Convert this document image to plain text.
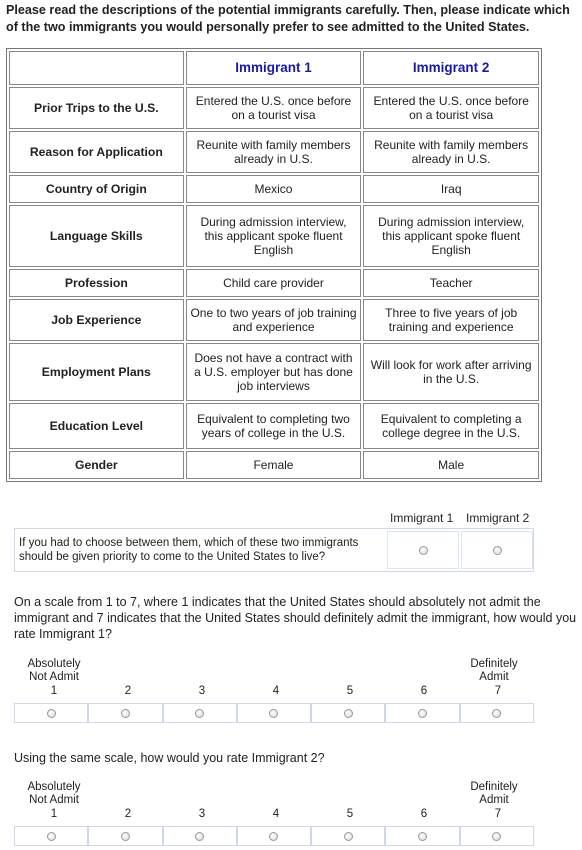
Please read the descriptions of the potential immigrants carefully. Then, please indicate which of the two immigrants you would personally prefer to see admitted to the United States.
	Immigrant 1	Immigrant 2
Prior Trips to the U.S.	Entered the U.S. once before on a tourist visa	Entered the U.S. once before on a tourist visa
Reason for Application	Reunite with family members already in U.S.	Reunite with family members already in U.S.
Country of Origin	Mexico	Iraq
Language Skills	During admission interview, this applicant spoke fluent English	During admission interview, this applicant spoke fluent English
Profession	Child care provider	Teacher
Job Experience	One to two years of job training and experience	Three to five years of job training and experience
Employment Plans	Does not have a contract with a U.S. employer but has done job interviews	Will look for work after arriving in the U.S.
Education Level	Equivalent to completing two years of college in the U.S.	Equivalent to completing a college degree in the U.S.
Gender	Female	Male
Immigrant 1 Immigrant 2
If you had to choose between them, which of these two immigrants should be given priority to come to the United States to live?
On a scale from 1 to 7, where 1 indicates that the United States should absolutely not admit the immigrant and 7 indicates that the United States should definitely admit the immigrant, how would you rate Immigrant 1?
Absolutely
Not Admit
Definitely
Admit
1	2	3	4	5	6	7
Using the same scale, how would you rate Immigrant 2?
Absolutely
Not Admit
Definitely
Admit
1	2	3	4	5	6	7
